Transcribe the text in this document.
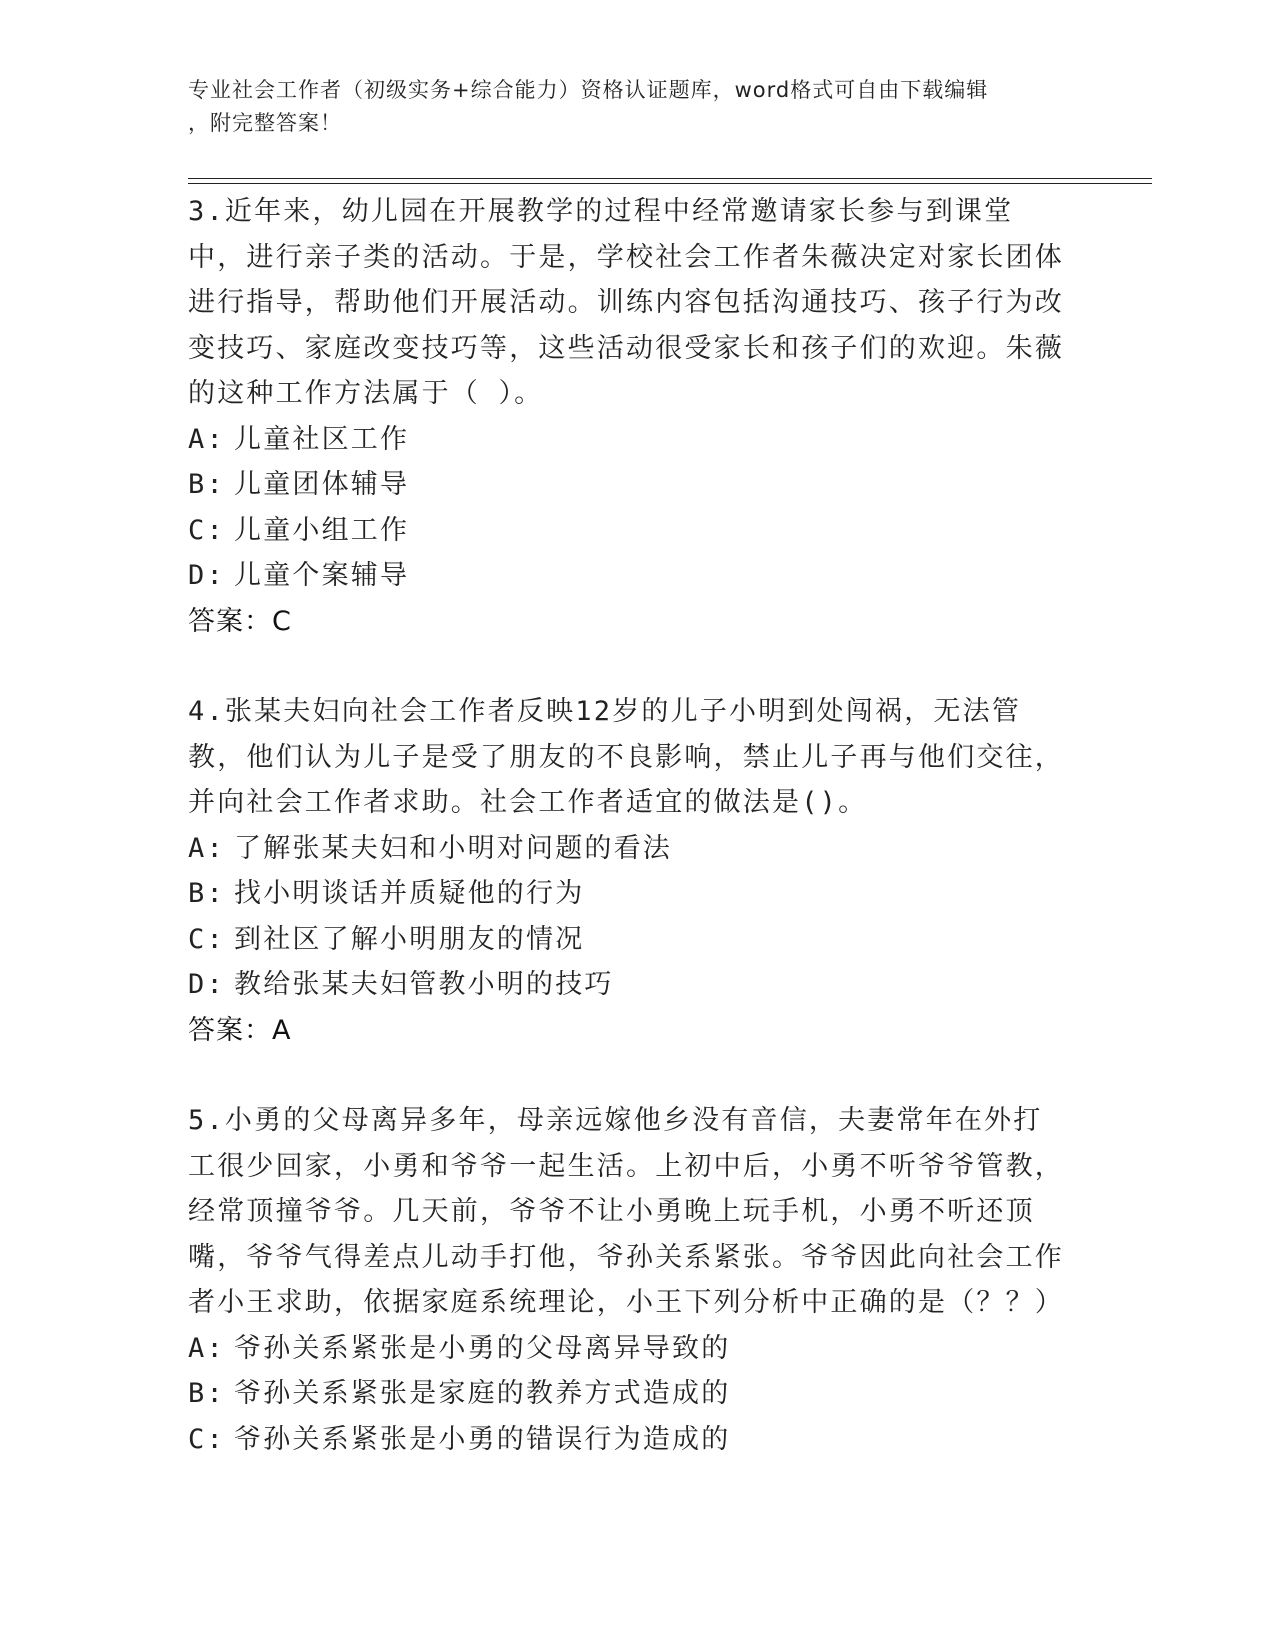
专业社会工作者（初级实务+综合能力）资格认证题库，word格式可自由下载编辑
，附完整答案！
3.近年来，幼儿园在开展教学的过程中经常邀请家长参与到课堂中，进行亲子类的活动。于是，学校社会工作者朱薇决定对家长团体进行指导，帮助他们开展活动。训练内容包括沟通技巧、孩子行为改变技巧、家庭改变技巧等，这些活动很受家长和孩子们的欢迎。朱薇的这种工作方法属于（ ）。
A: 儿童社区工作
B: 儿童团体辅导
C: 儿童小组工作
D: 儿童个案辅导
答案：C
4.张某夫妇向社会工作者反映12岁的儿子小明到处闯祸，无法管教，他们认为儿子是受了朋友的不良影响，禁止儿子再与他们交往，并向社会工作者求助。社会工作者适宜的做法是()。
A: 了解张某夫妇和小明对问题的看法
B: 找小明谈话并质疑他的行为
C: 到社区了解小明朋友的情况
D: 教给张某夫妇管教小明的技巧
答案：A
5.小勇的父母离异多年，母亲远嫁他乡没有音信，夫妻常年在外打工很少回家，小勇和爷爷一起生活。上初中后，小勇不听爷爷管教，经常顶撞爷爷。几天前，爷爷不让小勇晚上玩手机，小勇不听还顶嘴，爷爷气得差点儿动手打他，爷孙关系紧张。爷爷因此向社会工作者小王求助，依据家庭系统理论，小王下列分析中正确的是（？？）
A: 爷孙关系紧张是小勇的父母离异导致的
B: 爷孙关系紧张是家庭的教养方式造成的
C: 爷孙关系紧张是小勇的错误行为造成的
